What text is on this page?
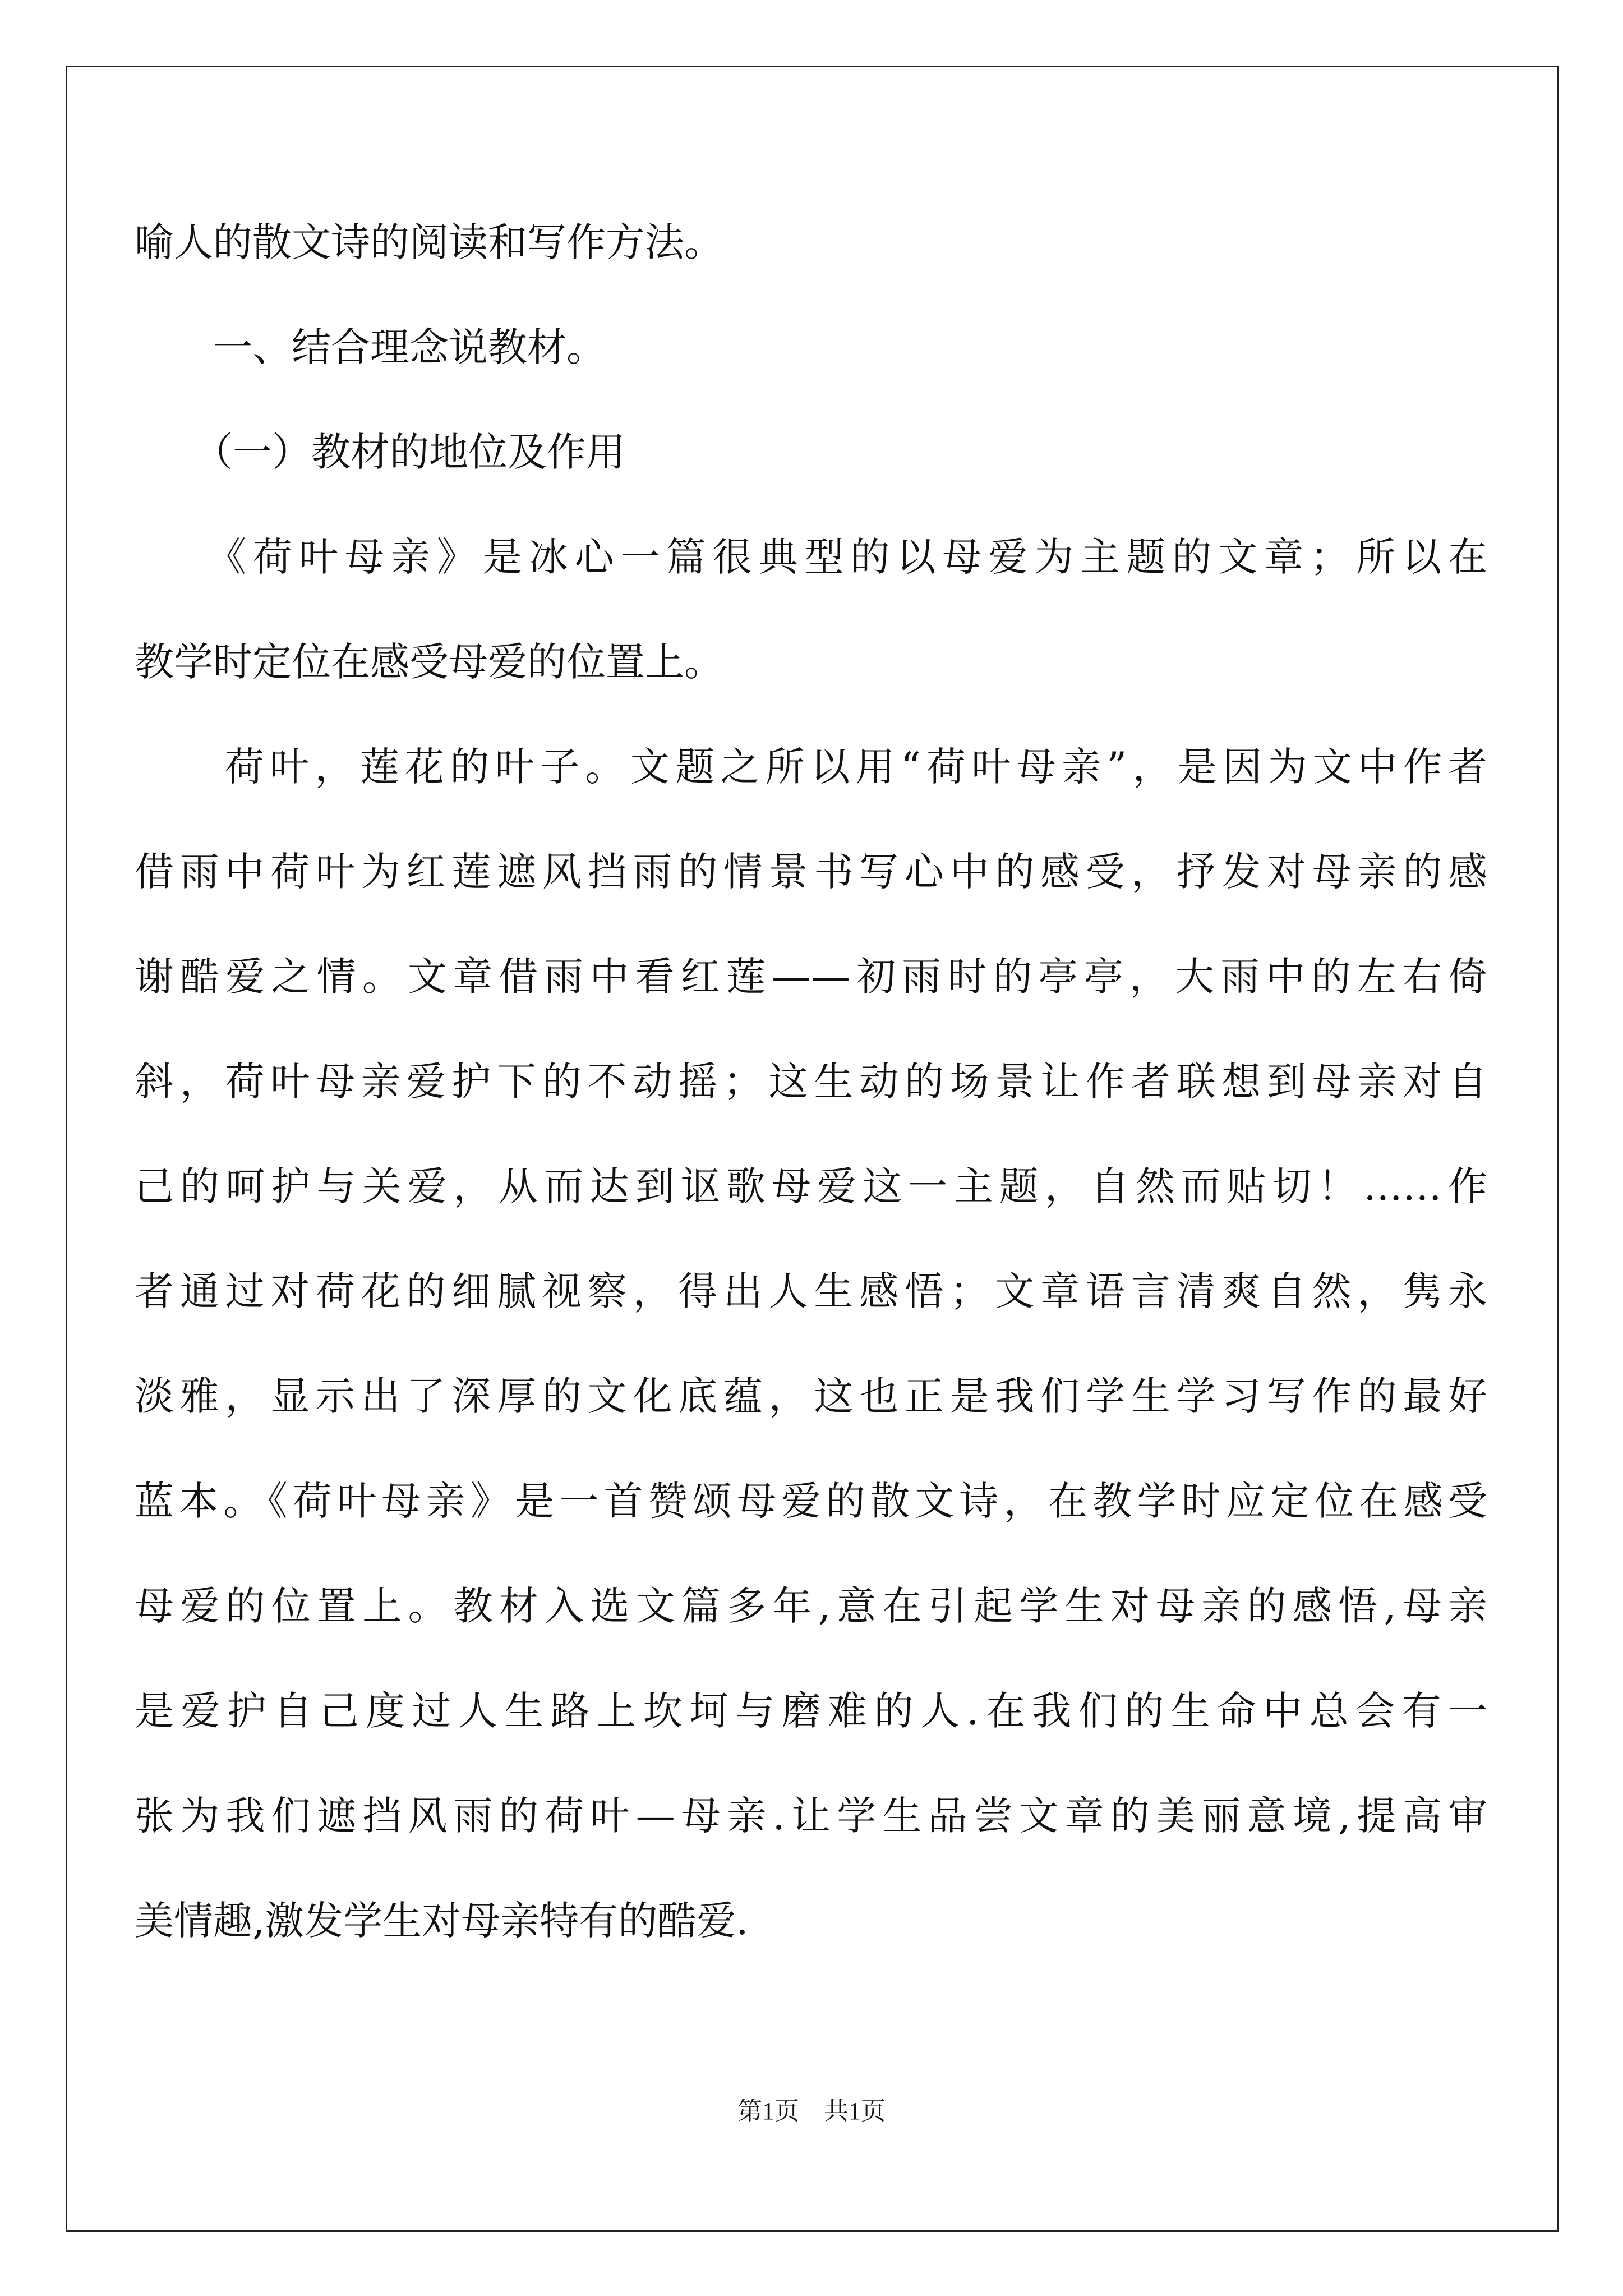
喻人的散文诗的阅读和写作方法。
　　一、结合理念说教材。
　　（一）教材的地位及作用
　　《荷叶母亲》是冰心一篇很典型的以母爱为主题的文章；所以在
教学时定位在感受母爱的位置上。
　　荷叶，莲花的叶子。文题之所以用“荷叶母亲”，是因为文中作者
借雨中荷叶为红莲遮风挡雨的情景书写心中的感受，抒发对母亲的感
谢酷爱之情。文章借雨中看红莲——初雨时的亭亭，大雨中的左右倚
斜，荷叶母亲爱护下的不动摇；这生动的场景让作者联想到母亲对自
己的呵护与关爱，从而达到讴歌母爱这一主题，自然而贴切！……作
者通过对荷花的细腻视察，得出人生感悟；文章语言清爽自然，隽永
淡雅，显示出了深厚的文化底蕴，这也正是我们学生学习写作的最好
蓝本。《荷叶母亲》是一首赞颂母爱的散文诗，在教学时应定位在感受
母爱的位置上。教材入选文篇多年,意在引起学生对母亲的感悟,母亲
是爱护自己度过人生路上坎坷与磨难的人.在我们的生命中总会有一
张为我们遮挡风雨的荷叶—母亲.让学生品尝文章的美丽意境,提高审
美情趣,激发学生对母亲特有的酷爱.
第1页　共1页
